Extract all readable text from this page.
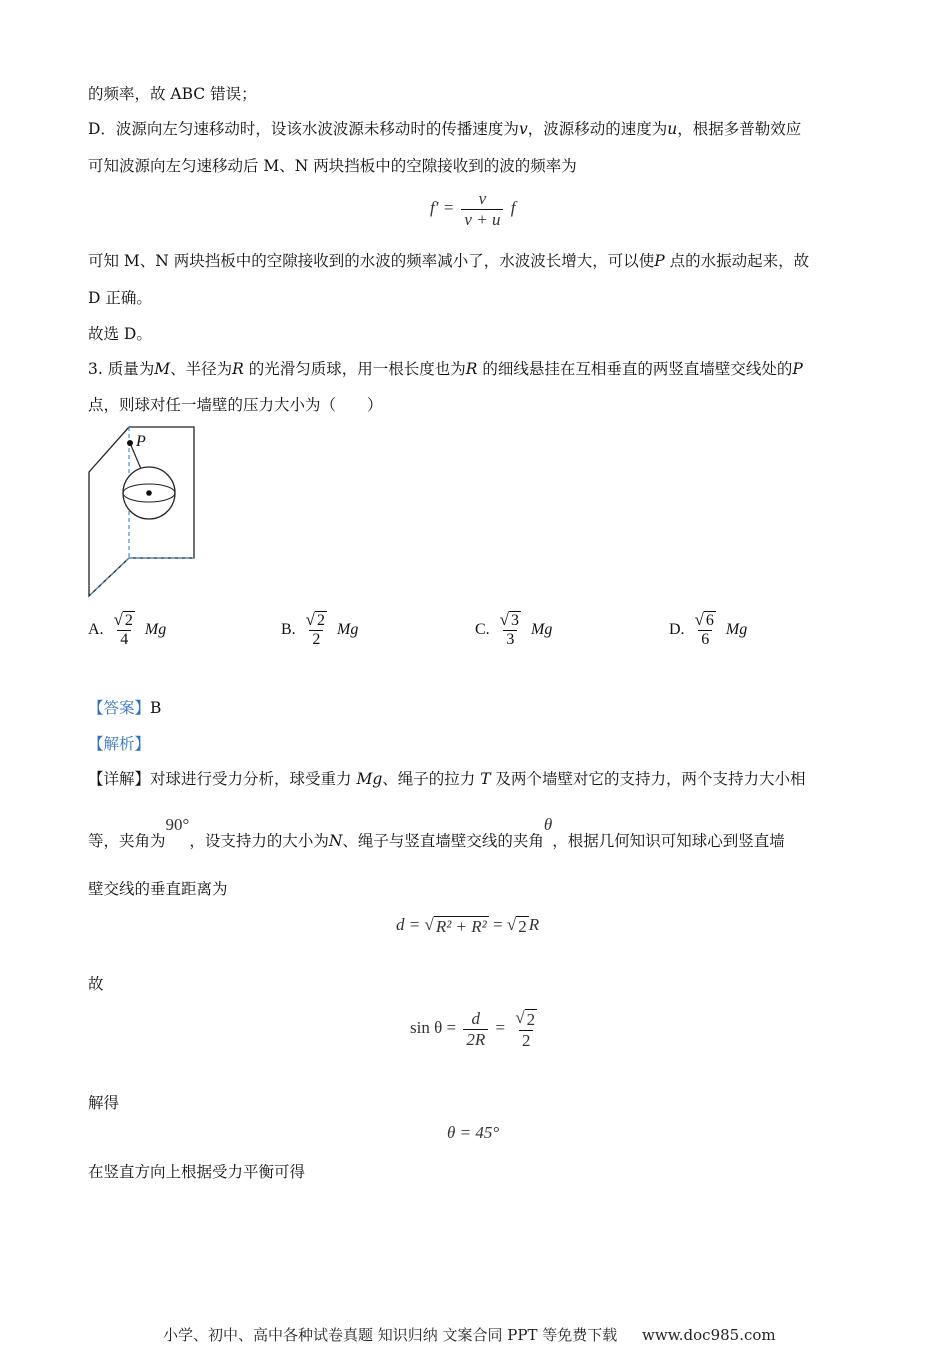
的频率，故 ABC 错误；
D．波源向左匀速移动时，设该水波波源未移动时的传播速度为v，波源移动的速度为u，根据多普勒效应
可知波源向左匀速移动后 M、N 两块挡板中的空隙接收到的波的频率为
$f' = \frac{v}{v + u}$ f
可知 M、N 两块挡板中的空隙接收到的水波的频率减小了，水波波长增大，可以使P 点的水振动起来，故
D 正确。
故选 D。
3. 质量为M、半径为R 的光滑匀质球，用一根长度也为R 的细线悬挂在互相垂直的两竖直墙壁交线处的P
点，则球对任一墙壁的压力大小为（　　）
P
A. $\frac{√ 2}{4}$ Mg	B. $\frac{√ 2}{2}$ Mg	C. $\frac{√ 3}{3}$ Mg	D. $\frac{√ 6}{6}$ Mg
【答案】B
【解析】
【详解】对球进行受力分析，球受重力 Mg、绳子的拉力 T 及两个墙壁对它的支持力，两个支持力大小相
等，夹角为90°，设支持力的大小为N、绳子与竖直墙壁交线的夹角θ，根据几何知识可知球心到竖直墙
壁交线的垂直距离为
d = √ R² + R² = √ 2 R
故
$\sin \theta = \frac{d}{2R} = \frac{√ 2}{2}$
解得
θ = 45°
在竖直方向上根据受力平衡可得
小学、初中、高中各种试卷真题 知识归纳 文案合同 PPT 等免费下载 www.doc985.com
